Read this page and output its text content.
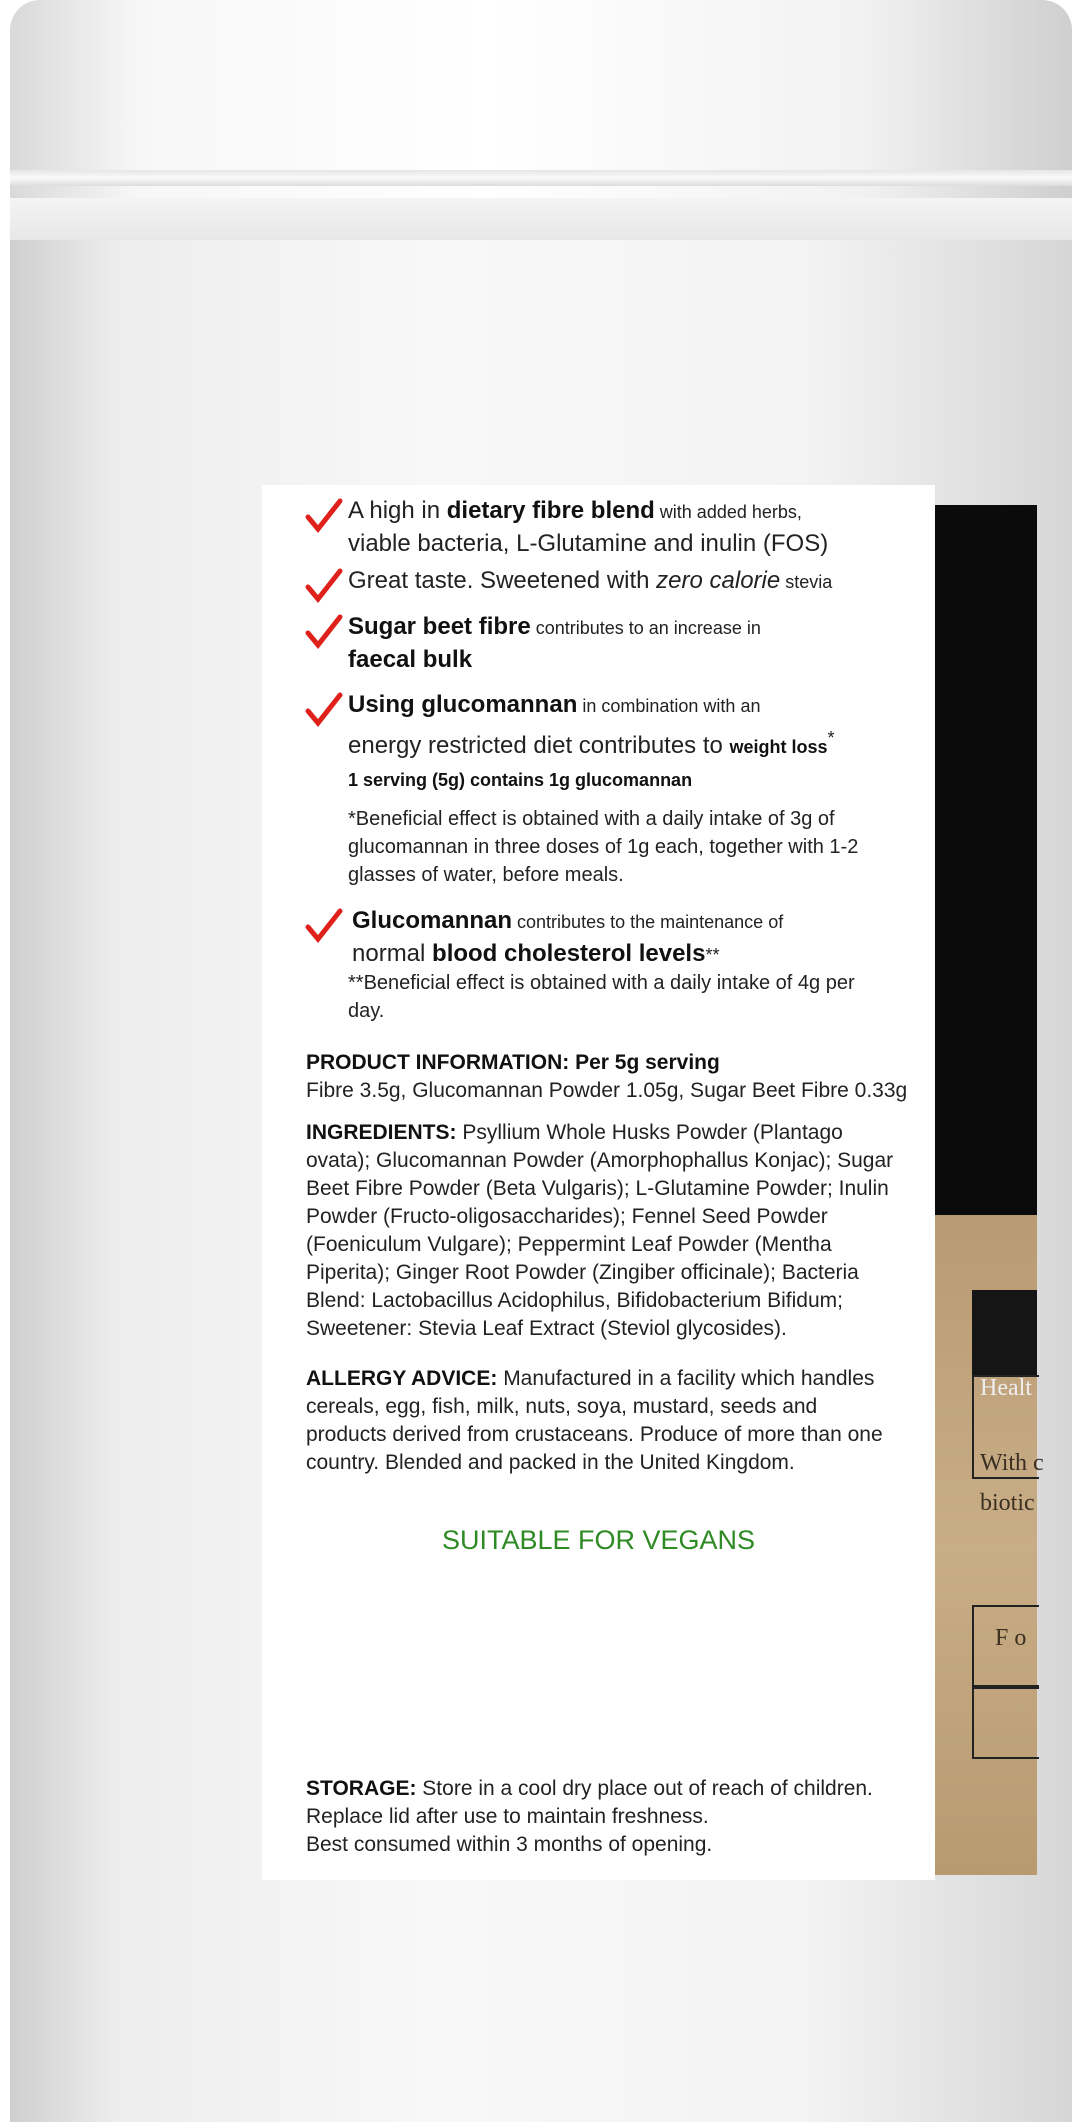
Healt
With c
biotic
F o
A high in dietary fibre blend with added herbs,
viable bacteria, L-Glutamine and inulin (FOS)
Great taste. Sweetened with zero calorie stevia
Sugar beet fibre contributes to an increase in
faecal bulk
Using glucomannan in combination with an
energy restricted diet contributes to weight loss*
1 serving (5g) contains 1g glucomannan
*Beneficial effect is obtained with a daily intake of 3g of
glucomannan in three doses of 1g each, together with 1-2
glasses of water, before meals.
Glucomannan contributes to the maintenance of
normal blood cholesterol levels**
**Beneficial effect is obtained with a daily intake of 4g per
day.
PRODUCT INFORMATION: Per 5g serving
Fibre 3.5g, Glucomannan Powder 1.05g, Sugar Beet Fibre 0.33g
INGREDIENTS: Psyllium Whole Husks Powder (Plantago
ovata); Glucomannan Powder (Amorphophallus Konjac); Sugar
Beet Fibre Powder (Beta Vulgaris); L-Glutamine Powder; Inulin
Powder (Fructo-oligosaccharides); Fennel Seed Powder
(Foeniculum Vulgare); Peppermint Leaf Powder (Mentha
Piperita); Ginger Root Powder (Zingiber officinale); Bacteria
Blend: Lactobacillus Acidophilus, Bifidobacterium Bifidum;
Sweetener: Stevia Leaf Extract (Steviol glycosides).
ALLERGY ADVICE: Manufactured in a facility which handles
cereals, egg, fish, milk, nuts, soya, mustard, seeds and
products derived from crustaceans. Produce of more than one
country. Blended and packed in the United Kingdom.
SUITABLE FOR VEGANS
STORAGE: Store in a cool dry place out of reach of children.
Replace lid after use to maintain freshness.
Best consumed within 3 months of opening.
